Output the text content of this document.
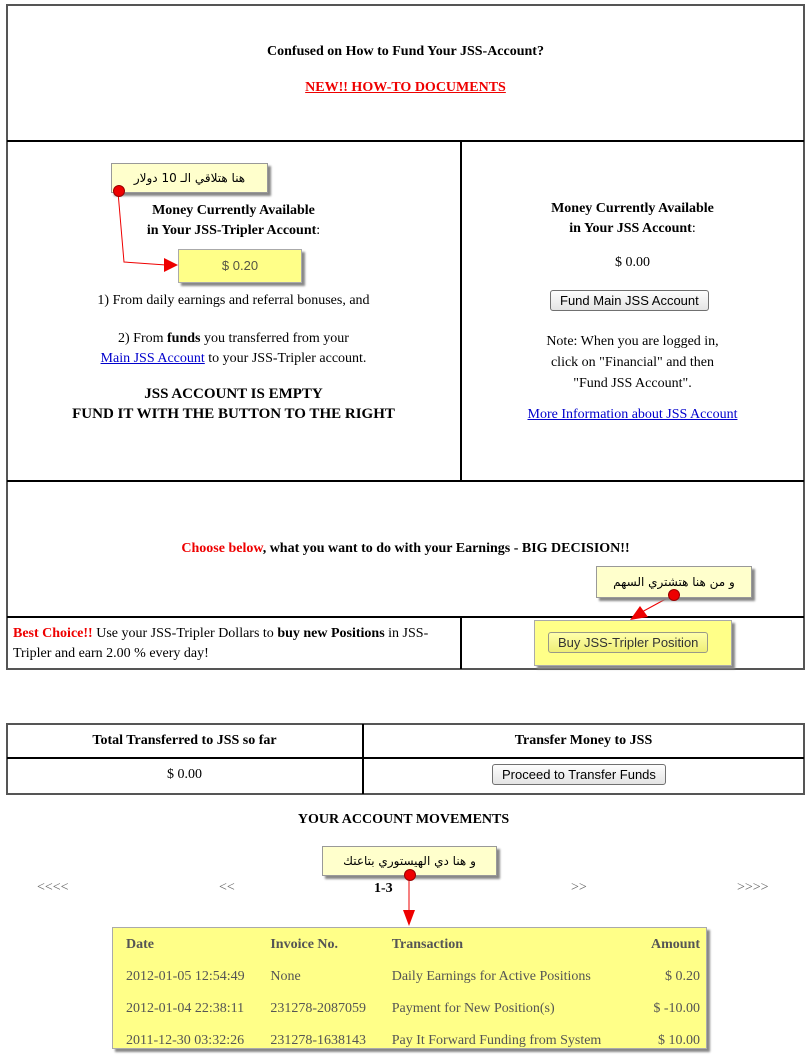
Confused on How to Fund Your JSS-Account?
NEW!! HOW-TO DOCUMENTS
Money Currently Available
in Your JSS-Tripler Account:
$ 0.20
1) From daily earnings and referral bonuses, and
2) From funds you transferred from your
Main JSS Account to your JSS-Tripler account.
JSS ACCOUNT IS EMPTY
FUND IT WITH THE BUTTON TO THE RIGHT
Money Currently Available
in Your JSS Account:
$ 0.00
Fund Main JSS Account
Note: When you are logged in,
click on "Financial" and then
"Fund JSS Account".
More Information about JSS Account
Choose below, what you want to do with your Earnings - BIG DECISION!!
Best Choice!! Use your JSS-Tripler Dollars to buy new Positions in JSS-Tripler and earn 2.00 % every day!
Buy JSS-Tripler Position
Total Transferred to JSS so far	Transfer Money to JSS
$ 0.00	Proceed to Transfer Funds
YOUR ACCOUNT MOVEMENTS
<<<<	<<	1-3	>>	>>>>
Date	Invoice No.	Transaction	Amount
2012-01-05 12:54:49	None	Daily Earnings for Active Positions	$ 0.20
2012-01-04 22:38:11	231278-2087059	Payment for New Position(s)	$ -10.00
2011-12-30 03:32:26	231278-1638143	Pay It Forward Funding from System	$ 10.00
هنا هتلاقي الـ 10 دولار
و من هنا هتشتري السهم
و هنا دي الهيستوري بتاعتك
